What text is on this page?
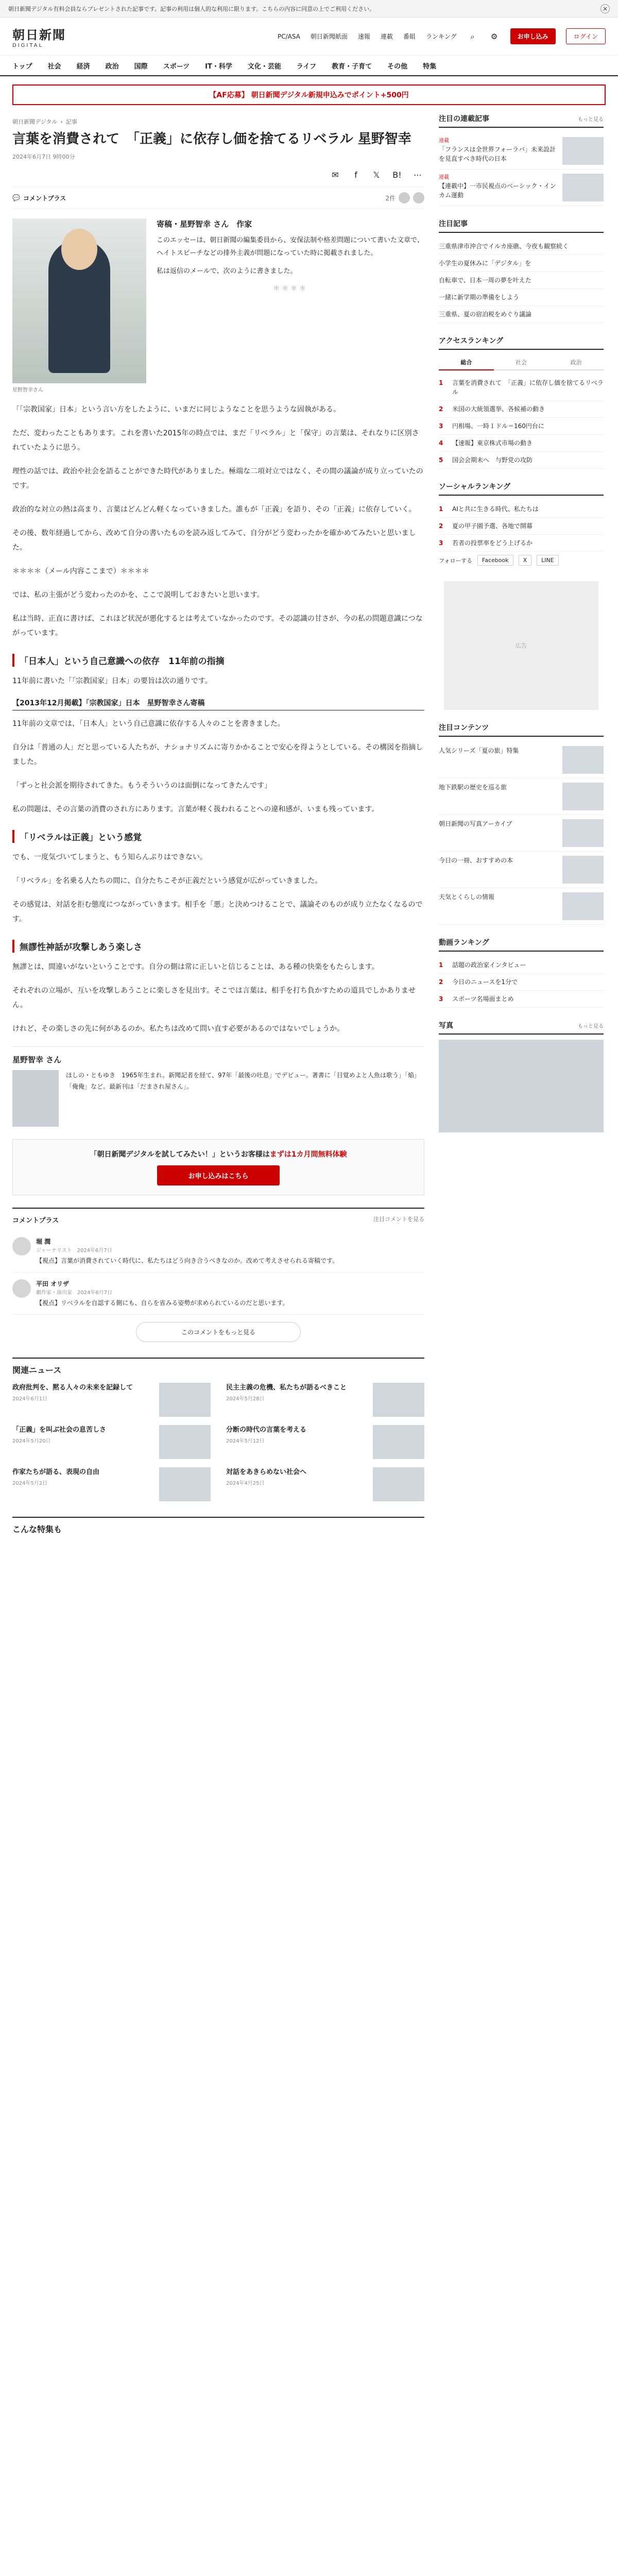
朝日新聞デジタル有料会員ならプレゼントされた記事です。記事の利用は個人的な利用に限ります。こちらの内容に同意の上でご利用ください。	×
朝日新聞
DIGITAL
PC/ASA 朝日新聞紙面 速報 連載 番組 ランキング	⌕	⚙	お申し込み	ログイン
トップ 社会 経済 政治 国際 スポーツ IT・科学 文化・芸能 ライフ 教育・子育て その他 特集
【AF応募】 朝日新聞デジタル新規申込みでポイント+500円
朝日新聞デジタル › 記事
言葉を消費されて　「正義」に依存し価を捨てるリベラル 星野智幸
2024年6月7日 9時00分
✉	f	𝕏	B!	⋯
💬 コメントプラス	2件
星野智幸さん
寄稿・星野智幸 さん　作家

このエッセーは、朝日新聞の編集委員から、安保法制や格差問題について書いた文章で、ヘイトスピーチなどの排外主義が問題になっていた時に掲載されました。

私は返信のメールで、次のように書きました。

＊＊＊＊

「「宗教国家」日本」という言い方をしたように、いまだに同じようなことを思うような固執がある。

ただ、変わったこともあります。これを書いた2015年の時点では、まだ「リベラル」と「保守」の言葉は、それなりに区別されていたように思う。

理性の話では、政治や社会を語ることができた時代がありました。極端な二項対立ではなく、その間の議論が成り立っていたのです。

政治的な対立の熱は高まり、言葉はどんどん軽くなっていきました。誰もが「正義」を語り、その「正義」に依存していく。

その後、数年経過してから、改めて自分の書いたものを読み返してみて、自分がどう変わったかを確かめてみたいと思いました。

＊＊＊＊（メール内容ここまで）＊＊＊＊

では、私の主張がどう変わったのかを、ここで説明しておきたいと思います。

私は当時、正直に書けば、これほど状況が悪化するとは考えていなかったのです。その認識の甘さが、今の私の問題意識につながっています。

「日本人」という自己意識への依存　11年前の指摘

11年前に書いた「「宗教国家」日本」の要旨は次の通りです。

【2013年12月掲載】「宗教国家」日本　星野智幸さん寄稿

11年前の文章では、「日本人」という自己意識に依存する人々のことを書きました。

自分は「普通の人」だと思っている人たちが、ナショナリズムに寄りかかることで安心を得ようとしている。その構図を指摘しました。

「ずっと社会派を期待されてきた。もうそういうのは面倒になってきたんです」

私の問題は、その言葉の消費のされ方にあります。言葉が軽く扱われることへの違和感が、いまも残っています。

「リベラルは正義」という感覚

でも、一度気づいてしまうと、もう知らんぷりはできない。

「リベラル」を名乗る人たちの間に、自分たちこそが正義だという感覚が広がっていきました。

その感覚は、対話を拒む態度につながっていきます。相手を「悪」と決めつけることで、議論そのものが成り立たなくなるのです。

無謬性神話が攻撃しあう楽しさ

無謬とは、間違いがないということです。自分の側は常に正しいと信じることは、ある種の快楽をもたらします。

それぞれの立場が、互いを攻撃しあうことに楽しさを見出す。そこでは言葉は、相手を打ち負かすための道具でしかありません。

けれど、その楽しさの先に何があるのか。私たちは改めて問い直す必要があるのではないでしょうか。

星野智幸 さん

ほしの・ともゆき　1965年生まれ。新聞記者を経て、97年「最後の吐息」でデビュー。著書に「目覚めよと人魚は歌う」「焔」「俺俺」など。最新刊は「だまされ屋さん」。

「朝日新聞デジタルを試してみたい！」というお客様はまずは1カ月間無料体験
お申し込みはこちら
コメントプラス	注目コメントを見る
堀 潤
ジャーナリスト　 2024年6月7日
【視点】言葉が消費されていく時代に、私たちはどう向き合うべきなのか。改めて考えさせられる寄稿です。
平田 オリザ
劇作家・演出家　 2024年6月7日
【視点】リベラルを自認する側にも、自らを省みる姿勢が求められているのだと思います。
このコメントをもっと見る
関連ニュース
政府批判を、黙る人々の未来を記録して
2024年6月1日
民主主義の危機、私たちが語るべきこと
2024年5月28日
「正義」を叫ぶ社会の息苦しさ
2024年5月20日
分断の時代の言葉を考える
2024年5月12日
作家たちが語る、表現の自由
2024年5月2日
対話をあきらめない社会へ
2024年4月25日
こんな特集も
注目の連載記事	もっと見る
連載
「フランスは全世界フォーラバ」未来設計を見直すべき時代の日本
連載
【連載中】一市民視点のベーシック・インカム運動
注目記事
三重県津市沖合でイルカ座礁、今夜も観察続く
小学生の夏休みに「デジタル」を
自転車で、日本一周の夢を叶えた
一緒に新学期の準備をしよう
三重県、夏の宿泊税をめぐり議論
アクセスランキング
総合	社会	政治
1	言葉を消費されて　「正義」に依存し価を捨てるリベラル
2	米国の大統領選挙、各候補の動き
3	円相場、一時１ドル＝160円台に
4	【速報】東京株式市場の動き
5	国会会期末へ　与野党の攻防
ソーシャルランキング
1	AIと共に生きる時代、私たちは
2	夏の甲子園予選、各地で開幕
3	若者の投票率をどう上げるか
フォローする	Facebook	X	LINE
広告
注目コンテンツ
人気シリーズ「夏の旅」特集
地下鉄駅の歴史を巡る旅
朝日新聞の写真アーカイブ
今日の一冊、おすすめの本
天気とくらしの情報
動画ランキング
1	話題の政治家インタビュー
2	今日のニュースを1分で
3	スポーツ名場面まとめ
写真	もっと見る
